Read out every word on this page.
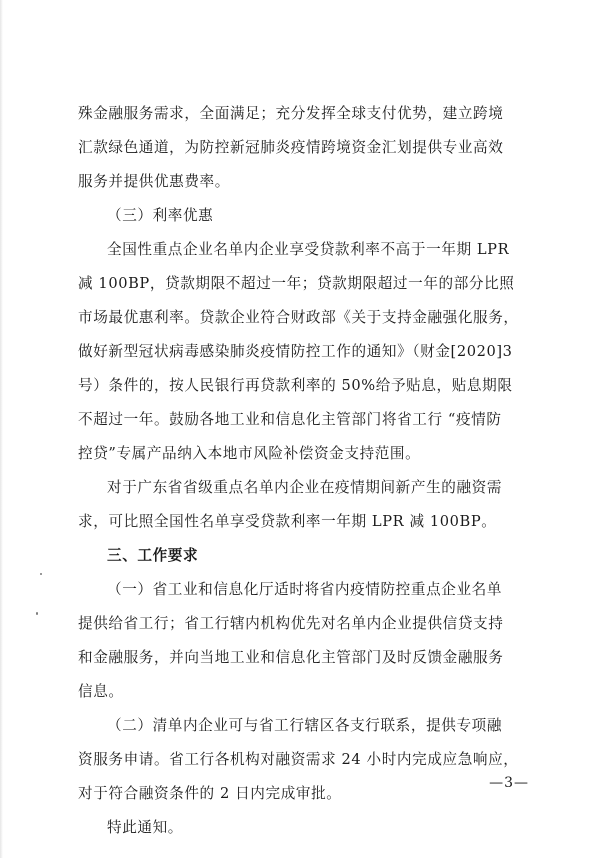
殊金融服务需求，全面满足；充分发挥全球支付优势，建立跨境
汇款绿色通道，为防控新冠肺炎疫情跨境资金汇划提供专业高效
服务并提供优惠费率。
（三）利率优惠
全国性重点企业名单内企业享受贷款利率不高于一年期 LPR
减 100BP，贷款期限不超过一年；贷款期限超过一年的部分比照
市场最优惠利率。贷款企业符合财政部《关于支持金融强化服务，
做好新型冠状病毒感染肺炎疫情防控工作的通知》（财金[2020]3
号）条件的，按人民银行再贷款利率的 50%给予贴息，贴息期限
不超过一年。鼓励各地工业和信息化主管部门将省工行 “疫情防
控贷”专属产品纳入本地市风险补偿资金支持范围。
对于广东省省级重点名单内企业在疫情期间新产生的融资需
求，可比照全国性名单享受贷款利率一年期 LPR 减 100BP。
三、工作要求
（一）省工业和信息化厅适时将省内疫情防控重点企业名单
提供给省工行；省工行辖内机构优先对名单内企业提供信贷支持
和金融服务，并向当地工业和信息化主管部门及时反馈金融服务
信息。
（二）清单内企业可与省工行辖区各支行联系，提供专项融
资服务申请。省工行各机构对融资需求 24 小时内完成应急响应，
对于符合融资条件的 2 日内完成审批。
特此通知。
—3—
